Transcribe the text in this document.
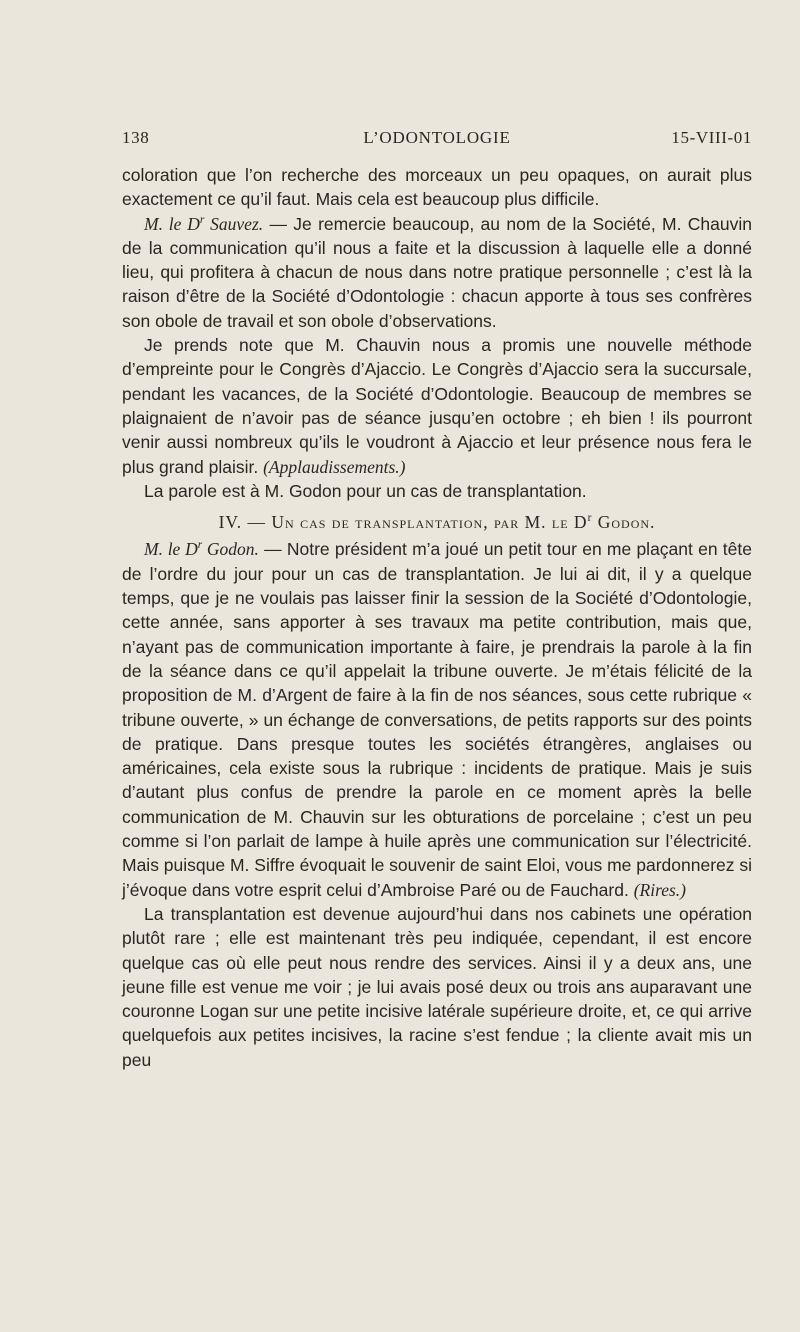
138	L’ODONTOLOGIE	15-VIII-01

coloration que l’on recherche des morceaux un peu opaques, on aurait plus exactement ce qu’il faut. Mais cela est beaucoup plus difficile.

M. le $D^r$ Sauvez. — Je remercie beaucoup, au nom de la Société, M. Chauvin de la communication qu’il nous a faite et la discussion à laquelle elle a donné lieu, qui profitera à chacun de nous dans notre pratique personnelle ; c’est là la raison d’être de la Société d’Odontologie : chacun apporte à tous ses confrères son obole de travail et son obole d’observations.

Je prends note que M. Chauvin nous a promis une nouvelle méthode d’empreinte pour le Congrès d’Ajaccio. Le Congrès d’Ajaccio sera la succursale, pendant les vacances, de la Société d’Odontologie. Beaucoup de membres se plaignaient de n’avoir pas de séance jusqu’en octobre ; eh bien ! ils pourront venir aussi nombreux qu’ils le voudront à Ajaccio et leur présence nous fera le plus grand plaisir. (Applaudissements.)

La parole est à M. Godon pour un cas de transplantation.

IV. — Un cas de transplantation, par M. le $D^r$ Godon.

M. le $D^r$ Godon. — Notre président m’a joué un petit tour en me plaçant en tête de l’ordre du jour pour un cas de transplantation. Je lui ai dit, il y a quelque temps, que je ne voulais pas laisser finir la session de la Société d’Odontologie, cette année, sans apporter à ses travaux ma petite contribution, mais que, n’ayant pas de communication importante à faire, je prendrais la parole à la fin de la séance dans ce qu’il appelait la tribune ouverte. Je m’étais félicité de la proposition de M. d’Argent de faire à la fin de nos séances, sous cette rubrique « tribune ouverte, » un échange de conversations, de petits rapports sur des points de pratique. Dans presque toutes les sociétés étrangères, anglaises ou américaines, cela existe sous la rubrique : incidents de pratique. Mais je suis d’autant plus confus de prendre la parole en ce moment après la belle communication de M. Chauvin sur les obturations de porcelaine ; c’est un peu comme si l’on parlait de lampe à huile après une communication sur l’électricité. Mais puisque M. Siffre évoquait le souvenir de saint Eloi, vous me pardonnerez si j’évoque dans votre esprit celui d’Ambroise Paré ou de Fauchard. (Rires.)

La transplantation est devenue aujourd’hui dans nos cabinets une opération plutôt rare ; elle est maintenant très peu indiquée, cependant, il est encore quelque cas où elle peut nous rendre des services. Ainsi il y a deux ans, une jeune fille est venue me voir ; je lui avais posé deux ou trois ans auparavant une couronne Logan sur une petite incisive latérale supérieure droite, et, ce qui arrive quelquefois aux petites incisives, la racine s’est fendue ; la cliente avait mis un peu
